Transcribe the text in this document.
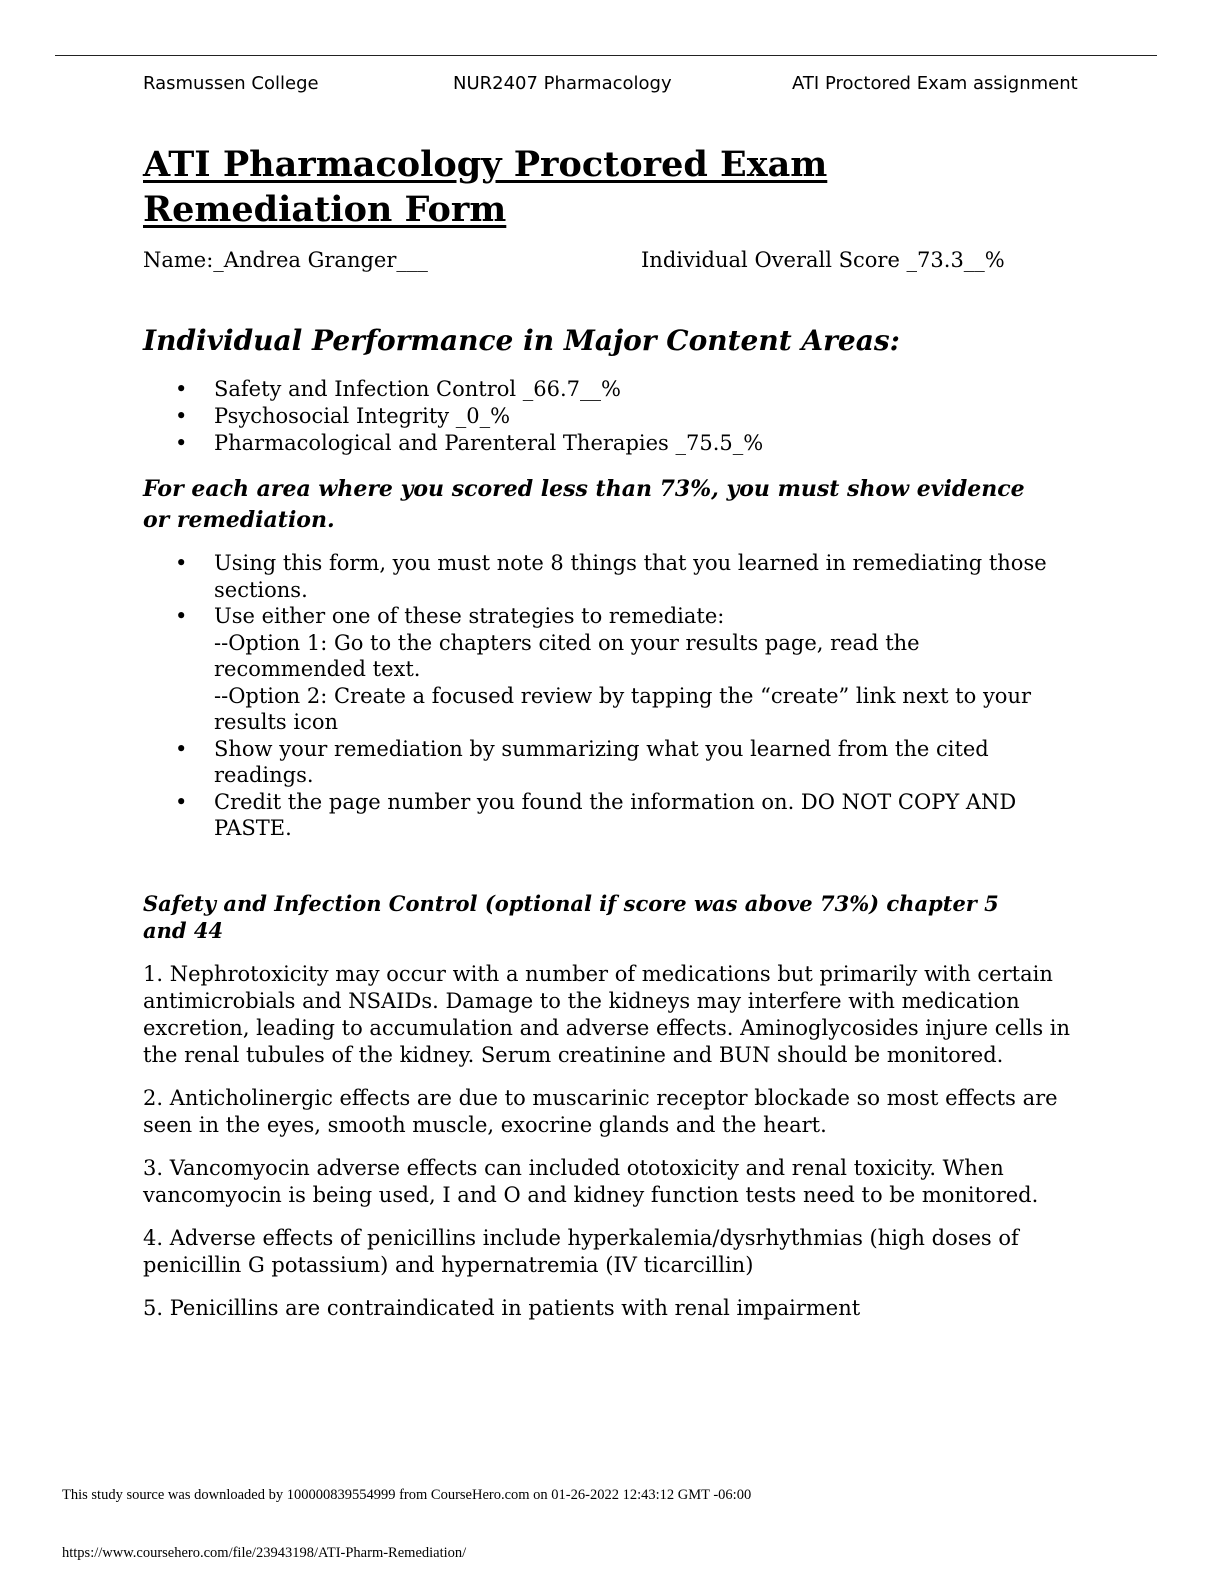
Rasmussen College	NUR2407 Pharmacology	ATI Proctored Exam assignment
ATI Pharmacology Proctored Exam
Remediation Form
Name:_Andrea Granger___	Individual Overall Score _73.3__%
Individual Performance in Major Content Areas:
• Safety and Infection Control _66.7__%
• Psychosocial Integrity _0_%
• Pharmacological and Parenteral Therapies _75.5_%
For each area where you scored less than 73%, you must show evidence or remediation.
• Using this form, you must note 8 things that you learned in remediating those sections.
• Use either one of these strategies to remediate:
--Option 1: Go to the chapters cited on your results page, read the recommended text.
--Option 2: Create a focused review by tapping the “create” link next to your results icon
• Show your remediation by summarizing what you learned from the cited readings.
• Credit the page number you found the information on. DO NOT COPY AND PASTE.
Safety and Infection Control (optional if score was above 73%) chapter 5 and 44

1. Nephrotoxicity may occur with a number of medications but primarily with certain antimicrobials and NSAIDs. Damage to the kidneys may interfere with medication excretion, leading to accumulation and adverse effects. Aminoglycosides injure cells in the renal tubules of the kidney. Serum creatinine and BUN should be monitored.

2. Anticholinergic effects are due to muscarinic receptor blockade so most effects are seen in the eyes, smooth muscle, exocrine glands and the heart.

3. Vancomyocin adverse effects can included ototoxicity and renal toxicity. When vancomyocin is being used, I and O and kidney function tests need to be monitored.

4. Adverse effects of penicillins include hyperkalemia/dysrhythmias (high doses of penicillin G potassium) and hypernatremia (IV ticarcillin)

5. Penicillins are contraindicated in patients with renal impairment

This study source was downloaded by 100000839554999 from CourseHero.com on 01-26-2022 12:43:12 GMT -06:00
https://www.coursehero.com/file/23943198/ATI-Pharm-Remediation/
